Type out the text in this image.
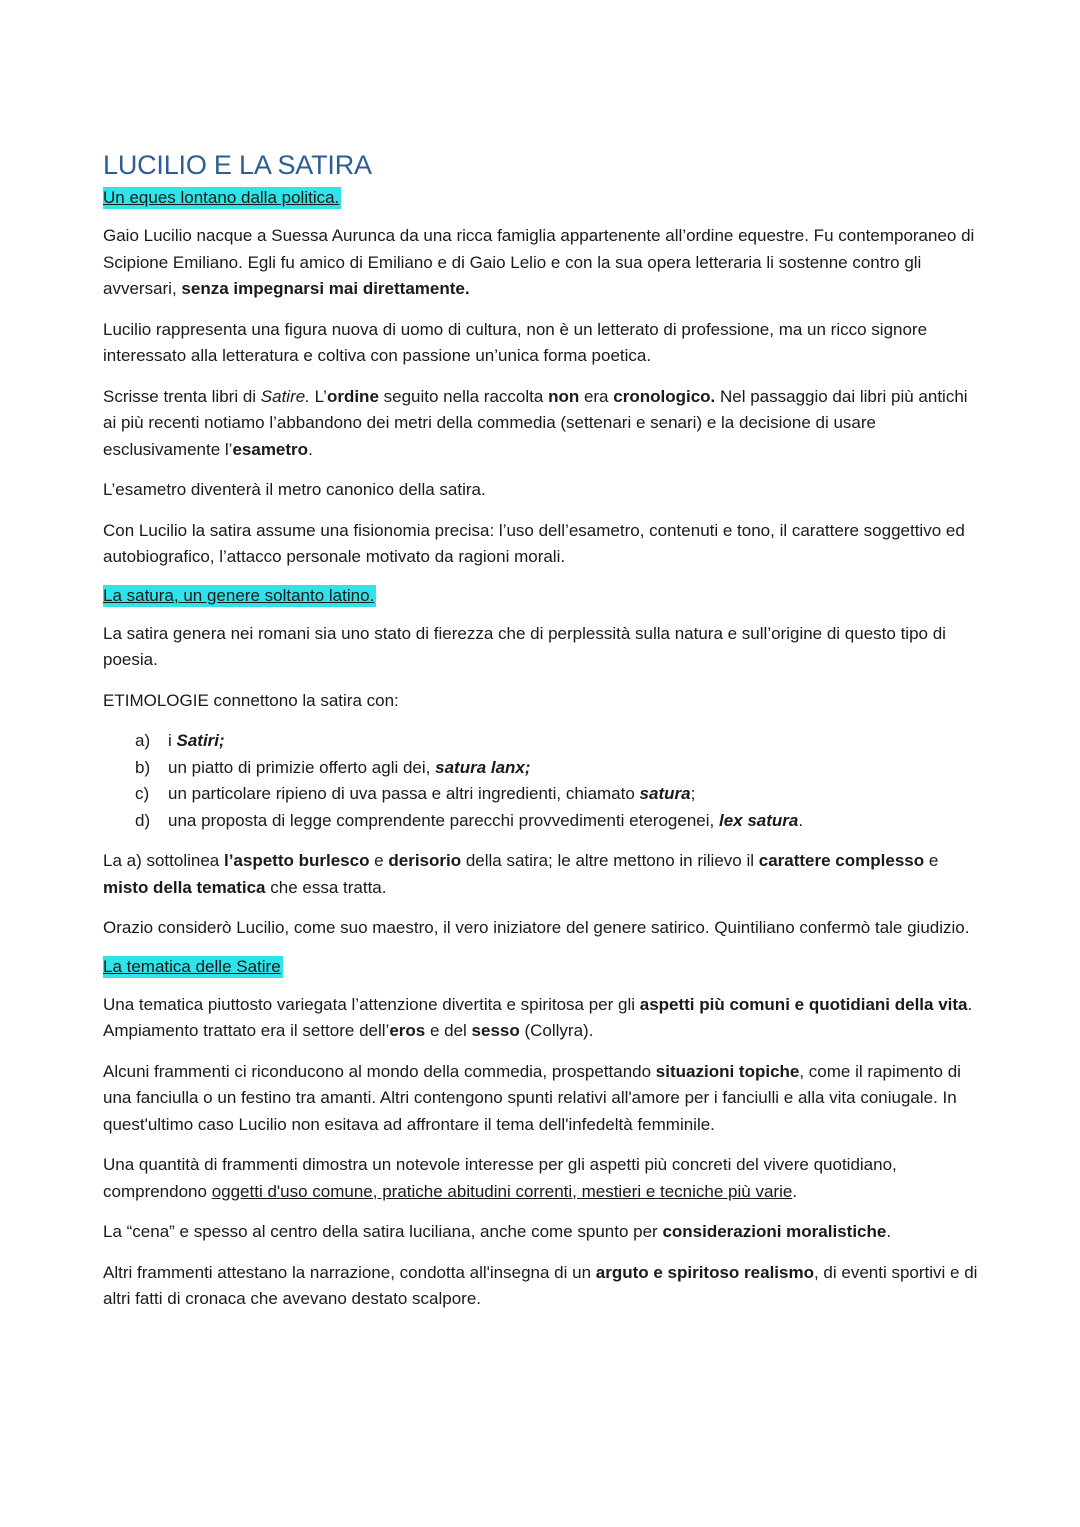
LUCILIO E LA SATIRA
Un eques lontano dalla politica.

Gaio Lucilio nacque a Suessa Aurunca da una ricca famiglia appartenente all’ordine equestre. Fu contemporaneo di Scipione Emiliano. Egli fu amico di Emiliano e di Gaio Lelio e con la sua opera letteraria li sostenne contro gli avversari, senza impegnarsi mai direttamente.

Lucilio rappresenta una figura nuova di uomo di cultura, non è un letterato di professione, ma un ricco signore interessato alla letteratura e coltiva con passione un’unica forma poetica.

Scrisse trenta libri di Satire. L’ordine seguito nella raccolta non era cronologico. Nel passaggio dai libri più antichi ai più recenti notiamo l’abbandono dei metri della commedia (settenari e senari) e la decisione di usare esclusivamente l’esametro.

L’esametro diventerà il metro canonico della satira.

Con Lucilio la satira assume una fisionomia precisa: l’uso dell’esametro, contenuti e tono, il carattere soggettivo ed autobiografico, l’attacco personale motivato da ragioni morali.

La satura, un genere soltanto latino.

La satira genera nei romani sia uno stato di fierezza che di perplessità sulla natura e sull’origine di questo tipo di poesia.

ETIMOLOGIE connettono la satira con:

a) i Satiri;
b) un piatto di primizie offerto agli dei, satura lanx;
c) un particolare ripieno di uva passa e altri ingredienti, chiamato satura;
d) una proposta di legge comprendente parecchi provvedimenti eterogenei, lex satura.

La a) sottolinea l’aspetto burlesco e derisorio della satira; le altre mettono in rilievo il carattere complesso e misto della tematica che essa tratta.

Orazio considerò Lucilio, come suo maestro, il vero iniziatore del genere satirico. Quintiliano confermò tale giudizio.

La tematica delle Satire

Una tematica piuttosto variegata l’attenzione divertita e spiritosa per gli aspetti più comuni e quotidiani della vita. Ampiamento trattato era il settore dell’eros e del sesso (Collyra).

Alcuni frammenti ci riconducono al mondo della commedia, prospettando situazioni topiche, come il rapimento di una fanciulla o un festino tra amanti. Altri contengono spunti relativi all'amore per i fanciulli e alla vita coniugale. In quest'ultimo caso Lucilio non esitava ad affrontare il tema dell'infedeltà femminile.

Una quantità di frammenti dimostra un notevole interesse per gli aspetti più concreti del vivere quotidiano, comprendono oggetti d'uso comune, pratiche abitudini correnti, mestieri e tecniche più varie.

La “cena” e spesso al centro della satira luciliana, anche come spunto per considerazioni moralistiche.

Altri frammenti attestano la narrazione, condotta all'insegna di un arguto e spiritoso realismo, di eventi sportivi e di altri fatti di cronaca che avevano destato scalpore.
